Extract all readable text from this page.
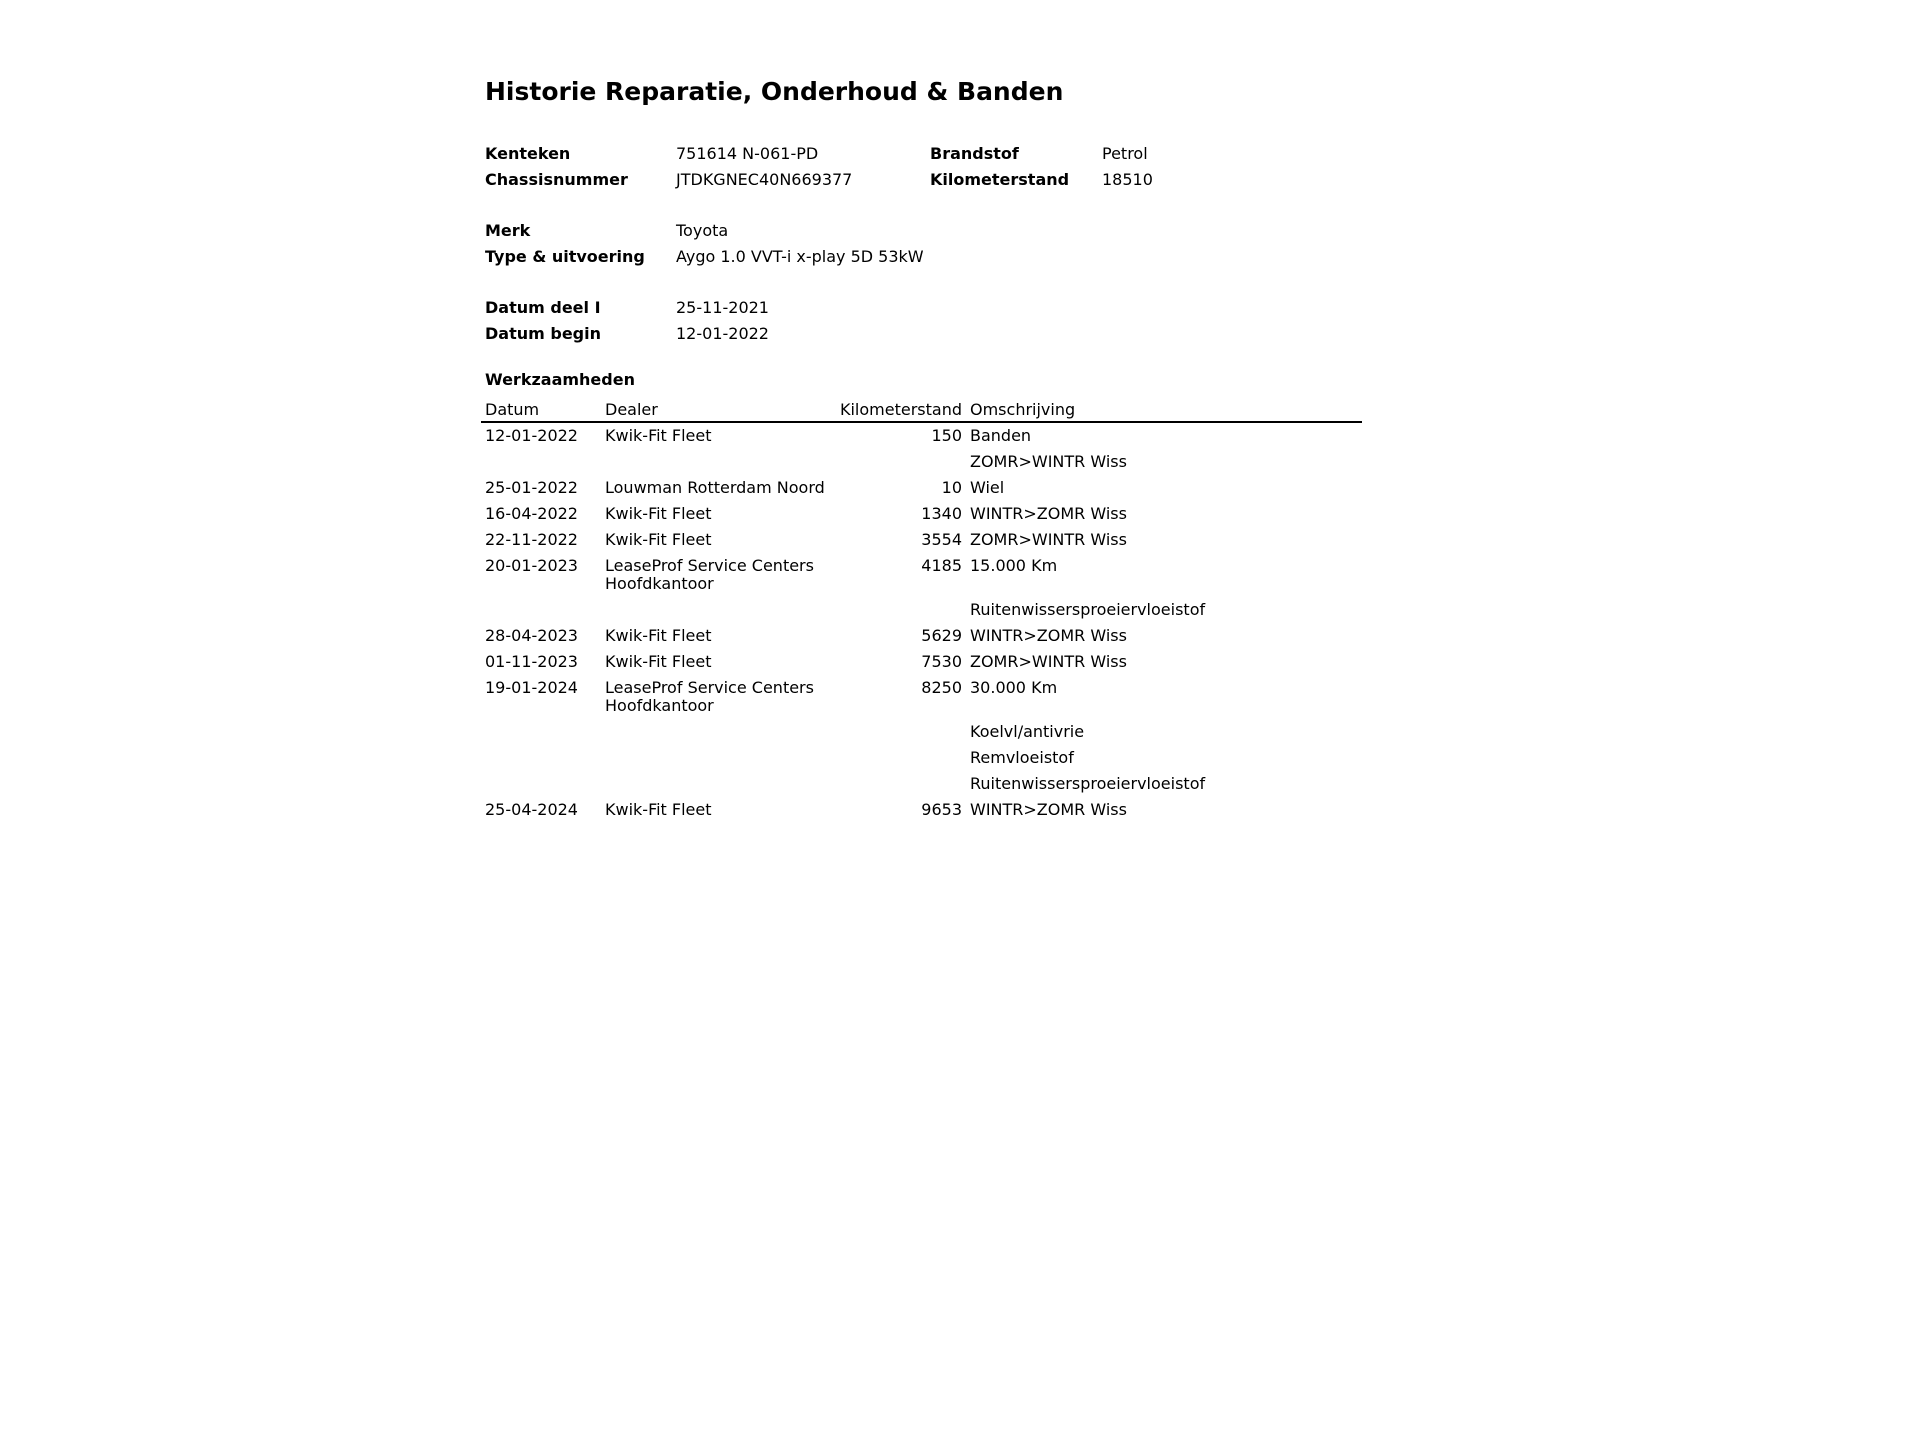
Historie Reparatie, Onderhoud & Banden
Kenteken	751614 N-061-PD	Brandstof	Petrol
Chassisnummer	JTDKGNEC40N669377	Kilometerstand 18510
Merk	Toyota
Type & uitvoering Aygo 1.0 VVT-i x-play 5D 53kW
Datum deel I	25-11-2021
Datum begin	12-01-2022
Werkzaamheden
Datum	Dealer	Kilometerstand	Omschrijving
12-01-2022	Kwik-Fit Fleet	150	Banden
			ZOMR>WINTR Wiss
25-01-2022	Louwman Rotterdam Noord	10	Wiel
16-04-2022	Kwik-Fit Fleet	1340	WINTR>ZOMR Wiss
22-11-2022	Kwik-Fit Fleet	3554	ZOMR>WINTR Wiss
20-01-2023	LeaseProf Service Centers Hoofdkantoor	4185	15.000 Km
			Ruitenwissersproeiervloeistof
28-04-2023	Kwik-Fit Fleet	5629	WINTR>ZOMR Wiss
01-11-2023	Kwik-Fit Fleet	7530	ZOMR>WINTR Wiss
19-01-2024	LeaseProf Service Centers Hoofdkantoor	8250	30.000 Km
			Koelvl/antivrie
			Remvloeistof
			Ruitenwissersproeiervloeistof
25-04-2024	Kwik-Fit Fleet	9653	WINTR>ZOMR Wiss
